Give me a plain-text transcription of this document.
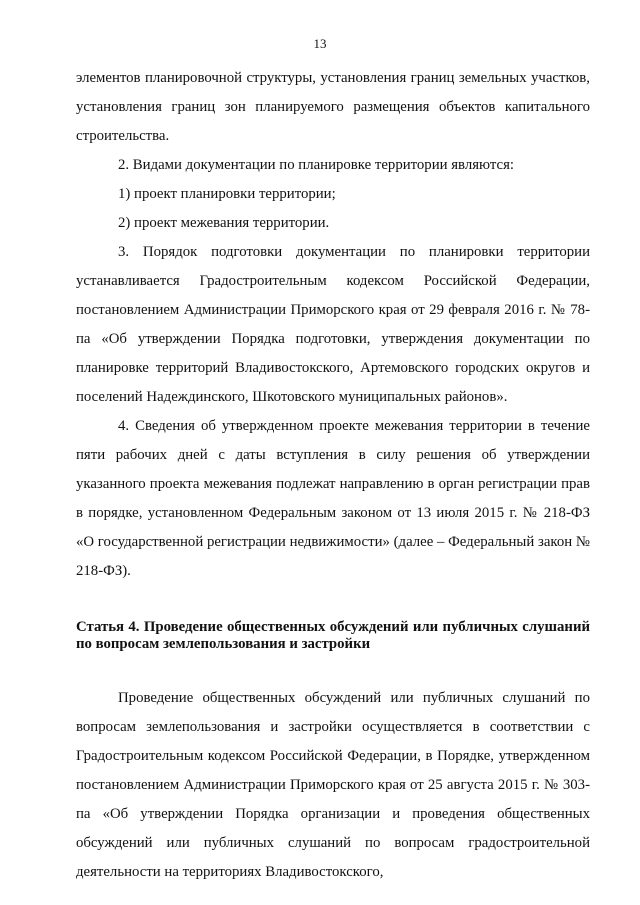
13

элементов планировочной структуры, установления границ земельных участков, установления границ зон планируемого размещения объектов капитального строительства.

2. Видами документации по планировке территории являются:

1) проект планировки территории;

2) проект межевания территории.

3. Порядок подготовки документации по планировки территории устанавливается Градостроительным кодексом Российской Федерации, постановлением Администрации Приморского края от 29 февраля 2016 г. № 78-па «Об утверждении Порядка подготовки, утверждения документации по планировке территорий Владивостокского, Артемовского городских округов и поселений Надеждинского, Шкотовского муниципальных районов».

4. Сведения об утвержденном проекте межевания территории в течение пяти рабочих дней с даты вступления в силу решения об утверждении указанного проекта межевания подлежат направлению в орган регистрации прав в порядке, установленном Федеральным законом от 13 июля 2015 г. № 218-ФЗ «О государственной регистрации недвижимости» (далее – Федеральный закон № 218-ФЗ).

Статья 4. Проведение общественных обсуждений или публичных слушаний по вопросам землепользования и застройки

Проведение общественных обсуждений или публичных слушаний по вопросам землепользования и застройки осуществляется в соответствии с Градостроительным кодексом Российской Федерации, в Порядке, утвержденном постановлением Администрации Приморского края от 25 августа 2015 г. № 303-па «Об утверждении Порядка организации и проведения общественных обсуждений или публичных слушаний по вопросам градостроительной деятельности на территориях Владивостокского,
